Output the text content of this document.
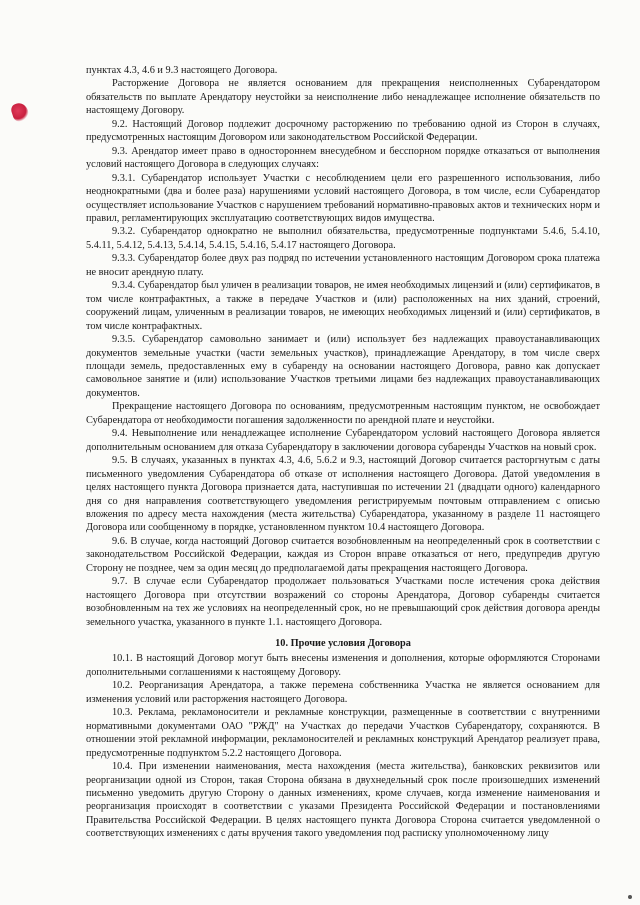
пунктах 4.3, 4.6 и 9.3 настоящего Договора.

Расторжение Договора не является основанием для прекращения неисполненных Субарендатором обязательств по выплате Арендатору неустойки за неисполнение либо ненадлежащее исполнение обязательств по настоящему Договору.

9.2. Настоящий Договор подлежит досрочному расторжению по требованию одной из Сторон в случаях, предусмотренных настоящим Договором или законодательством Российской Федерации.

9.3. Арендатор имеет право в одностороннем внесудебном и бесспорном порядке отказаться от выполнения условий настоящего Договора в следующих случаях:

9.3.1. Субарендатор использует Участки с несоблюдением цели его разрешенного использования, либо неоднократными (два и более раза) нарушениями условий настоящего Договора, в том числе, если Субарендатор осуществляет использование Участков с нарушением требований нормативно-правовых актов и технических норм и правил, регламентирующих эксплуатацию соответствующих видов имущества.

9.3.2. Субарендатор однократно не выполнил обязательства, предусмотренные подпунктами 5.4.6, 5.4.10, 5.4.11, 5.4.12, 5.4.13, 5.4.14, 5.4.15, 5.4.16, 5.4.17 настоящего Договора.

9.3.3. Субарендатор более двух раз подряд по истечении установленного настоящим Договором срока платежа не вносит арендную плату.

9.3.4. Субарендатор был уличен в реализации товаров, не имея необходимых лицензий и (или) сертификатов, в том числе контрафактных, а также в передаче Участков и (или) расположенных на них зданий, строений, сооружений лицам, уличенным в реализации товаров, не имеющих необходимых лицензий и (или) сертификатов, в том числе контрафактных.

9.3.5. Субарендатор самовольно занимает и (или) использует без надлежащих правоустанавливающих документов земельные участки (части земельных участков), принадлежащие Арендатору, в том числе сверх площади земель, предоставленных ему в субаренду на основании настоящего Договора, равно как допускает самовольное занятие и (или) использование Участков третьими лицами без надлежащих правоустанавливающих документов.

Прекращение настоящего Договора по основаниям, предусмотренным настоящим пунктом, не освобождает Субарендатора от необходимости погашения задолженности по арендной плате и неустойки.

9.4. Невыполнение или ненадлежащее исполнение Субарендатором условий настоящего Договора является дополнительным основанием для отказа Субарендатору в заключении договора субаренды Участков на новый срок.

9.5. В случаях, указанных в пунктах 4.3, 4.6, 5.6.2 и 9.3, настоящий Договор считается расторгнутым с даты письменного уведомления Субарендатора об отказе от исполнения настоящего Договора. Датой уведомления в целях настоящего пункта Договора признается дата, наступившая по истечении 21 (двадцати одного) календарного дня со дня направления соответствующего уведомления регистрируемым почтовым отправлением с описью вложения по адресу места нахождения (места жительства) Субарендатора, указанному в разделе 11 настоящего Договора или сообщенному в порядке, установленном пунктом 10.4 настоящего Договора.

9.6. В случае, когда настоящий Договор считается возобновленным на неопределенный срок в соответствии с законодательством Российской Федерации, каждая из Сторон вправе отказаться от него, предупредив другую Сторону не позднее, чем за один месяц до предполагаемой даты прекращения настоящего Договора.

9.7. В случае если Субарендатор продолжает пользоваться Участками после истечения срока действия настоящего Договора при отсутствии возражений со стороны Арендатора, Договор субаренды считается возобновленным на тех же условиях на неопределенный срок, но не превышающий срок действия договора аренды земельного участка, указанного в пункте 1.1. настоящего Договора.

10. Прочие условия Договора

10.1. В настоящий Договор могут быть внесены изменения и дополнения, которые оформляются Сторонами дополнительными соглашениями к настоящему Договору.

10.2. Реорганизация Арендатора, а также перемена собственника Участка не является основанием для изменения условий или расторжения настоящего Договора.

10.3. Реклама, рекламоносители и рекламные конструкции, размещенные в соответствии с внутренними нормативными документами ОАО "РЖД" на Участках до передачи Участков Субарендатору, сохраняются. В отношении этой рекламной информации, рекламоносителей и рекламных конструкций Арендатор реализует права, предусмотренные подпунктом 5.2.2 настоящего Договора.

10.4. При изменении наименования, места нахождения (места жительства), банковских реквизитов или реорганизации одной из Сторон, такая Сторона обязана в двухнедельный срок после произошедших изменений письменно уведомить другую Сторону о данных изменениях, кроме случаев, когда изменение наименования и реорганизация происходят в соответствии с указами Президента Российской Федерации и постановлениями Правительства Российской Федерации. В целях настоящего пункта Договора Сторона считается уведомленной о соответствующих изменениях с даты вручения такого уведомления под расписку уполномоченному лицу
